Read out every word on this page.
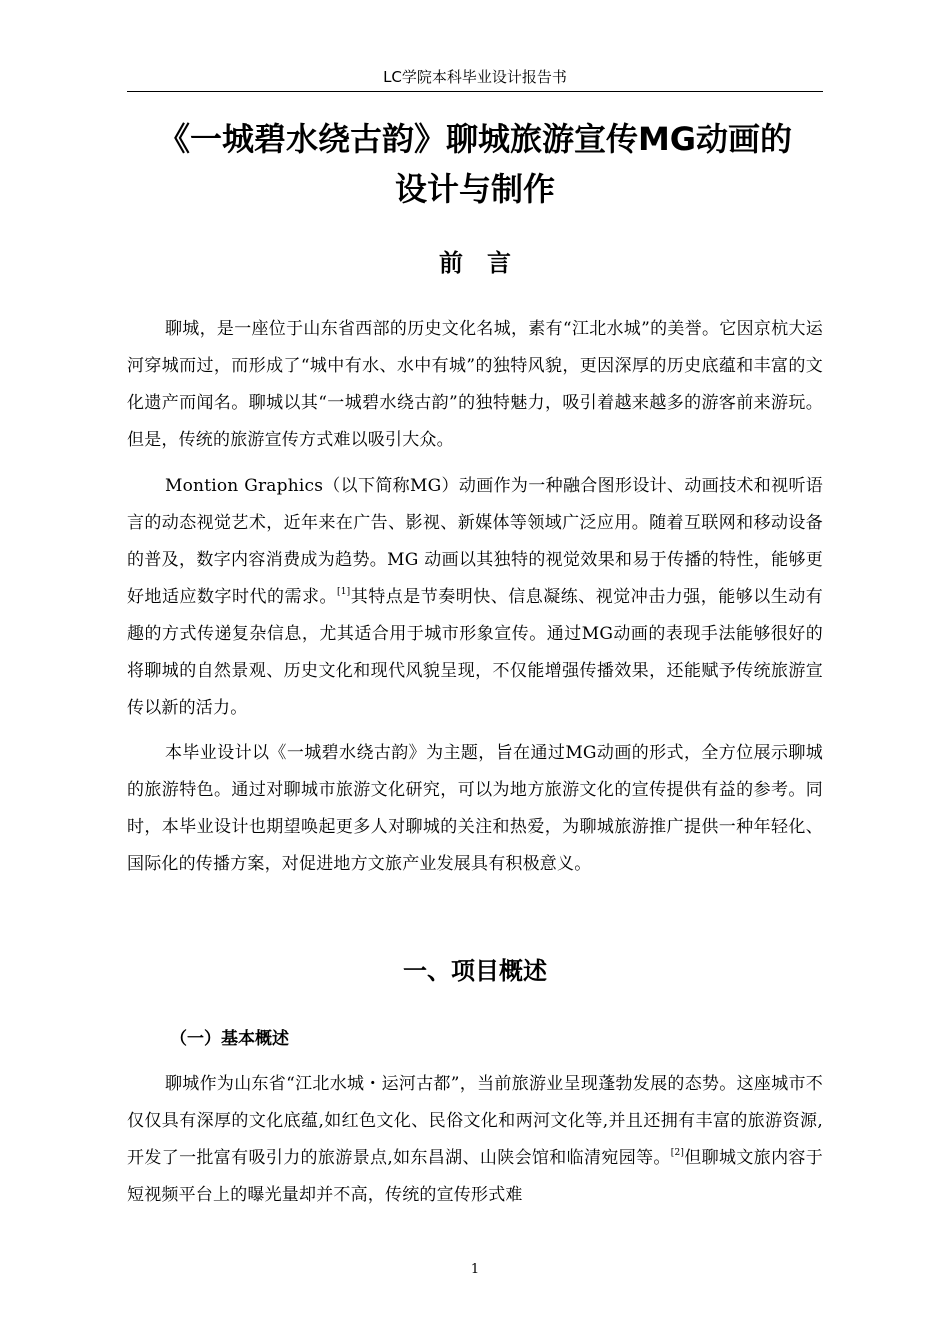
LC学院本科毕业设计报告书
《一城碧水绕古韵》聊城旅游宣传MG动画的
设计与制作
前　言

聊城，是一座位于山东省西部的历史文化名城，素有“江北水城”的美誉。它因京杭大运河穿城而过，而形成了“城中有水、水中有城”的独特风貌，更因深厚的历史底蕴和丰富的文化遗产而闻名。聊城以其“一城碧水绕古韵”的独特魅力，吸引着越来越多的游客前来游玩。但是，传统的旅游宣传方式难以吸引大众。

Montion Graphics（以下简称MG）动画作为一种融合图形设计、动画技术和视听语言的动态视觉艺术，近年来在广告、影视、新媒体等领域广泛应用。随着互联网和移动设备的普及，数字内容消费成为趋势。MG 动画以其独特的视觉效果和易于传播的特性，能够更好地适应数字时代的需求。[1]其特点是节奏明快、信息凝练、视觉冲击力强，能够以生动有趣的方式传递复杂信息，尤其适合用于城市形象宣传。通过MG动画的表现手法能够很好的将聊城的自然景观、历史文化和现代风貌呈现，不仅能增强传播效果，还能赋予传统旅游宣传以新的活力。

本毕业设计以《一城碧水绕古韵》为主题，旨在通过MG动画的形式，全方位展示聊城的旅游特色。通过对聊城市旅游文化研究，可以为地方旅游文化的宣传提供有益的参考。同时，本毕业设计也期望唤起更多人对聊城的关注和热爱，为聊城旅游推广提供一种年轻化、国际化的传播方案，对促进地方文旅产业发展具有积极意义。

一、项目概述
（一）基本概述

聊城作为山东省“江北水城・运河古都”，当前旅游业呈现蓬勃发展的态势。这座城市不仅仅具有深厚的文化底蕴,如红色文化、民俗文化和两河文化等,并且还拥有丰富的旅游资源,开发了一批富有吸引力的旅游景点,如东昌湖、山陕会馆和临清宛园等。[2]但聊城文旅内容于短视频平台上的曝光量却并不高，传统的宣传形式难

1
